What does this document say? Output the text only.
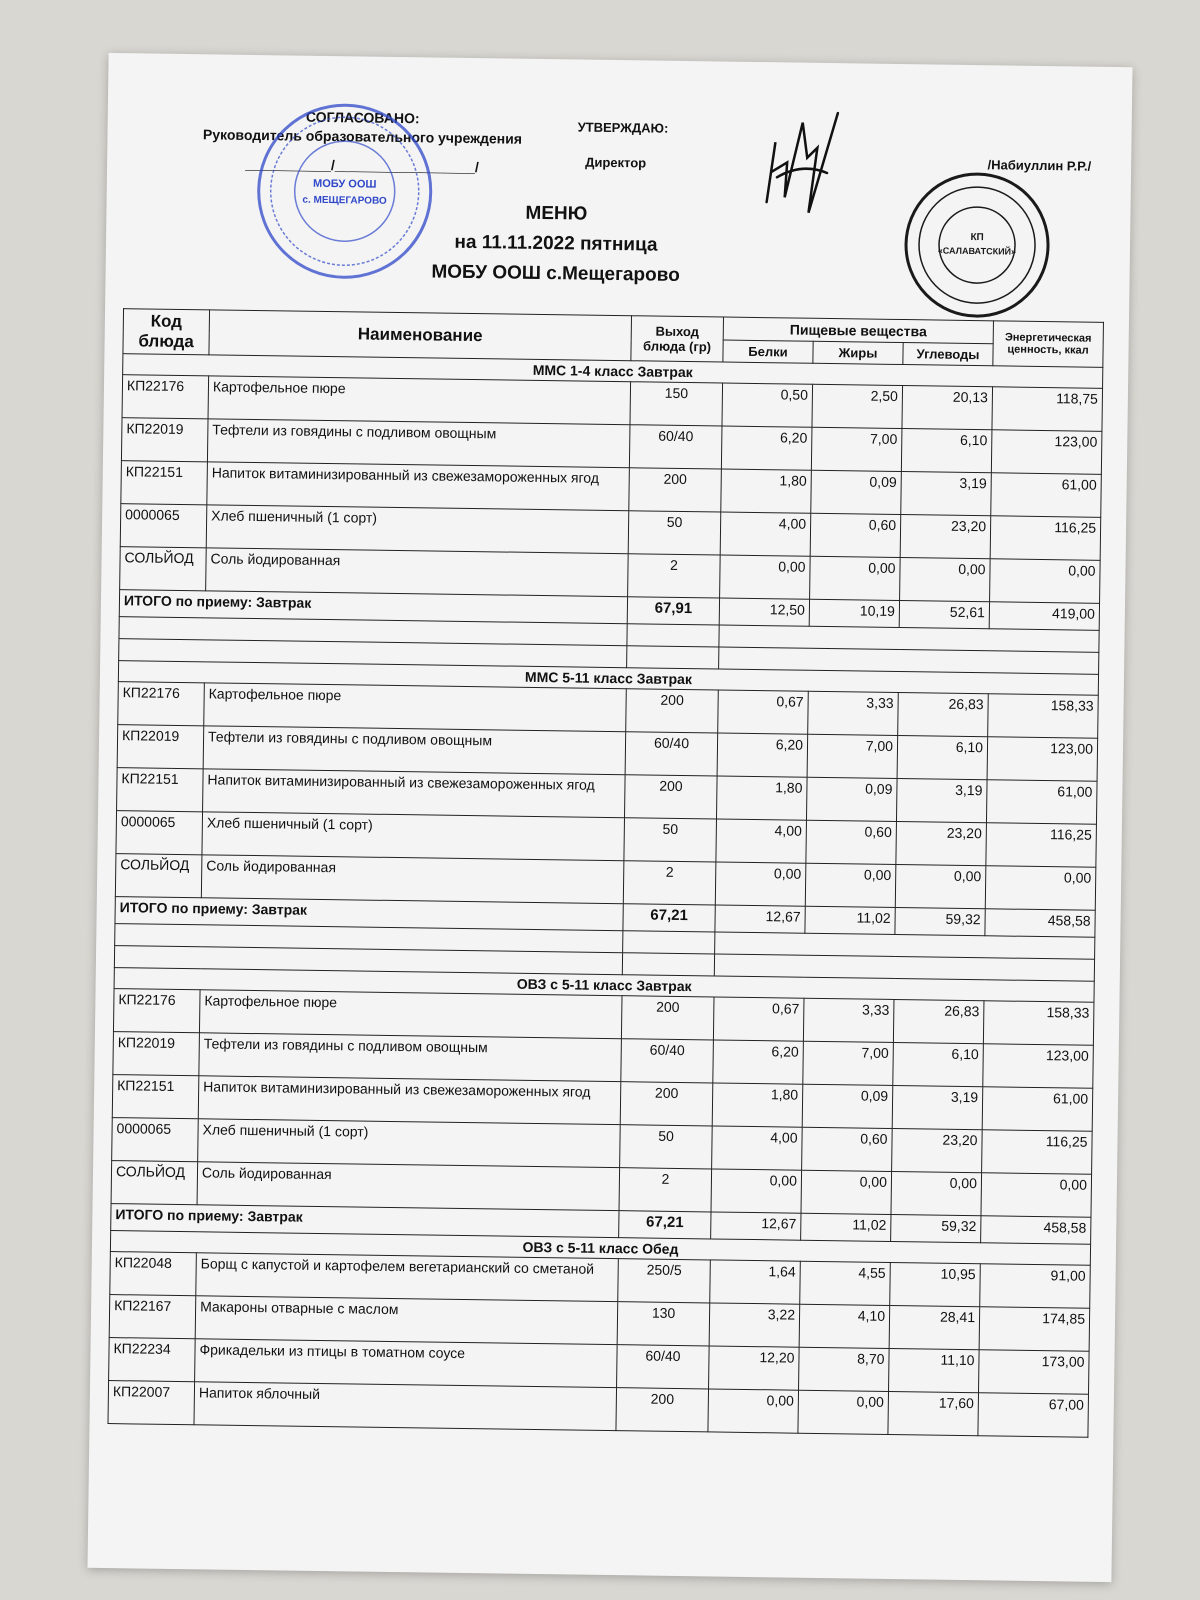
СОГЛАСОВАНО:
Руководитель образовательного учреждения
___________/__________________/
УТВЕРЖДАЮ:
Директор	/Набиуллин Р.Р./
МОБУ ООШ
с. МЕЩЕГАРОВО
КП
«САЛАВАТСКИЙ»
МЕНЮ
на 11.11.2022 пятница
МОБУ ООШ с.Мещегарово
Код блюда	Наименование	Выход блюда (гр)	Пищевые вещества			Энергетическая ценность, ккал
			Белки	Жиры	Углеводы	
ММС 1-4 класс Завтрак						
КП22176	Картофельное пюре	150	0,50	2,50	20,13	118,75
КП22019	Тефтели из говядины с подливом овощным	60/40	6,20	7,00	6,10	123,00
КП22151	Напиток витаминизированный из свежезамороженных ягод	200	1,80	0,09	3,19	61,00
0000065	Хлеб пшеничный (1 сорт)	50	4,00	0,60	23,20	116,25
СОЛЬЙОД	Соль йодированная	2	0,00	0,00	0,00	0,00
ИТОГО по приему: Завтрак		67,91	12,50	10,19	52,61	419,00

ММС 5-11 класс Завтрак						
КП22176	Картофельное пюре	200	0,67	3,33	26,83	158,33
КП22019	Тефтели из говядины с подливом овощным	60/40	6,20	7,00	6,10	123,00
КП22151	Напиток витаминизированный из свежезамороженных ягод	200	1,80	0,09	3,19	61,00
0000065	Хлеб пшеничный (1 сорт)	50	4,00	0,60	23,20	116,25
СОЛЬЙОД	Соль йодированная	2	0,00	0,00	0,00	0,00
ИТОГО по приему: Завтрак		67,21	12,67	11,02	59,32	458,58

ОВЗ с 5-11 класс Завтрак						
КП22176	Картофельное пюре	200	0,67	3,33	26,83	158,33
КП22019	Тефтели из говядины с подливом овощным	60/40	6,20	7,00	6,10	123,00
КП22151	Напиток витаминизированный из свежезамороженных ягод	200	1,80	0,09	3,19	61,00
0000065	Хлеб пшеничный (1 сорт)	50	4,00	0,60	23,20	116,25
СОЛЬЙОД	Соль йодированная	2	0,00	0,00	0,00	0,00
ИТОГО по приему: Завтрак		67,21	12,67	11,02	59,32	458,58
ОВЗ с 5-11 класс Обед						
КП22048	Борщ с капустой и картофелем вегетарианский со сметаной	250/5	1,64	4,55	10,95	91,00
КП22167	Макароны отварные с маслом	130	3,22	4,10	28,41	174,85
КП22234	Фрикадельки из птицы в томатном соусе	60/40	12,20	8,70	11,10	173,00
КП22007	Напиток яблочный	200	0,00	0,00	17,60	67,00
